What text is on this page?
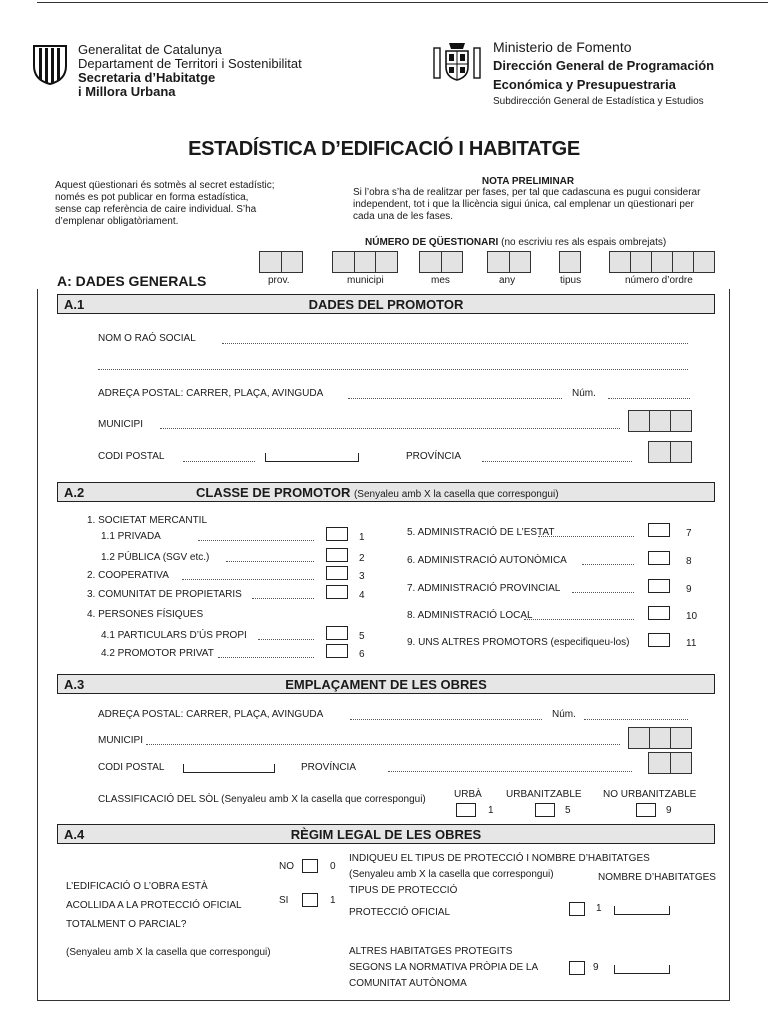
Generalitat de Catalunya
Departament de Territori i Sostenibilitat
Secretaria d’Habitatge
i Millora Urbana
Ministerio de Fomento
Dirección General de Programación
Económica y Presupuestraria
Subdirección General de Estadística y Estudios
ESTADÍSTICA D’EDIFICACIÓ I HABITATGE
Aquest qüestionari és sotmès al secret estadístic; només es pot publicar en forma estadística, sense cap referència de caire individual. S’ha d’emplenar obligatòriament.
NOTA PRELIMINAR
Si l’obra s’ha de realitzar per fases, per tal que cadascuna es pugui considerar independent, tot i que la llicència sigui única, cal emplenar un qüestionari per cada una de les fases.
NÚMERO DE QÜESTIONARI (no escriviu res als espais ombrejats)
prov.	municipi	mes	any	tipus	número d’ordre
A: DADES GENERALS
A.1	DADES DEL PROMOTOR
NOM O RAÓ SOCIAL
ADREÇA POSTAL: CARRER, PLAÇA, AVINGUDA	Núm.
MUNICIPI
CODI POSTAL	PROVÍNCIA
A.2	CLASSE DE PROMOTOR (Senyaleu amb X la casella que correspongui)
1. SOCIETAT MERCANTIL
4. PERSONES FÍSIQUES
1.1 PRIVADA	1
1.2 PÚBLICA (SGV etc.)	2
2. COOPERATIVA	3
3. COMUNITAT DE PROPIETARIS	4
4.1 PARTICULARS D’ÚS PROPI	5
4.2 PROMOTOR PRIVAT	6
5. ADMINISTRACIÓ DE L’ESTAT	7
6. ADMINISTRACIÓ AUTONÒMICA	8
7. ADMINISTRACIÓ PROVINCIAL	9
8. ADMINISTRACIÓ LOCAL	10
9. UNS ALTRES PROMOTORS (especifiqueu-los)	11
A.3	EMPLAÇAMENT DE LES OBRES
ADREÇA POSTAL: CARRER, PLAÇA, AVINGUDA	Núm.
MUNICIPI
CODI POSTAL	PROVÍNCIA
CLASSIFICACIÓ DEL SÒL (Senyaleu amb X la casella que correspongui)	URBÀ
1
URBANITZABLE
5
NO URBANITZABLE
9
A.4	RÈGIM LEGAL DE LES OBRES
L’EDIFICACIÓ O L’OBRA ESTÀ
ACOLLIDA A LA PROTECCIÓ OFICIAL
TOTALMENT O PARCIAL?
NO	0
SI	1
(Senyaleu amb X la casella que correspongui)
INDIQUEU EL TIPUS DE PROTECCIÓ I NOMBRE D’HABITATGES
(Senyaleu amb X la casella que correspongui)
TIPUS DE PROTECCIÓ
NOMBRE D’HABITATGES
PROTECCIÓ OFICIAL	1
ALTRES HABITATGES PROTEGITS
SEGONS LA NORMATIVA PRÒPIA DE LA
COMUNITAT AUTÒNOMA
9
